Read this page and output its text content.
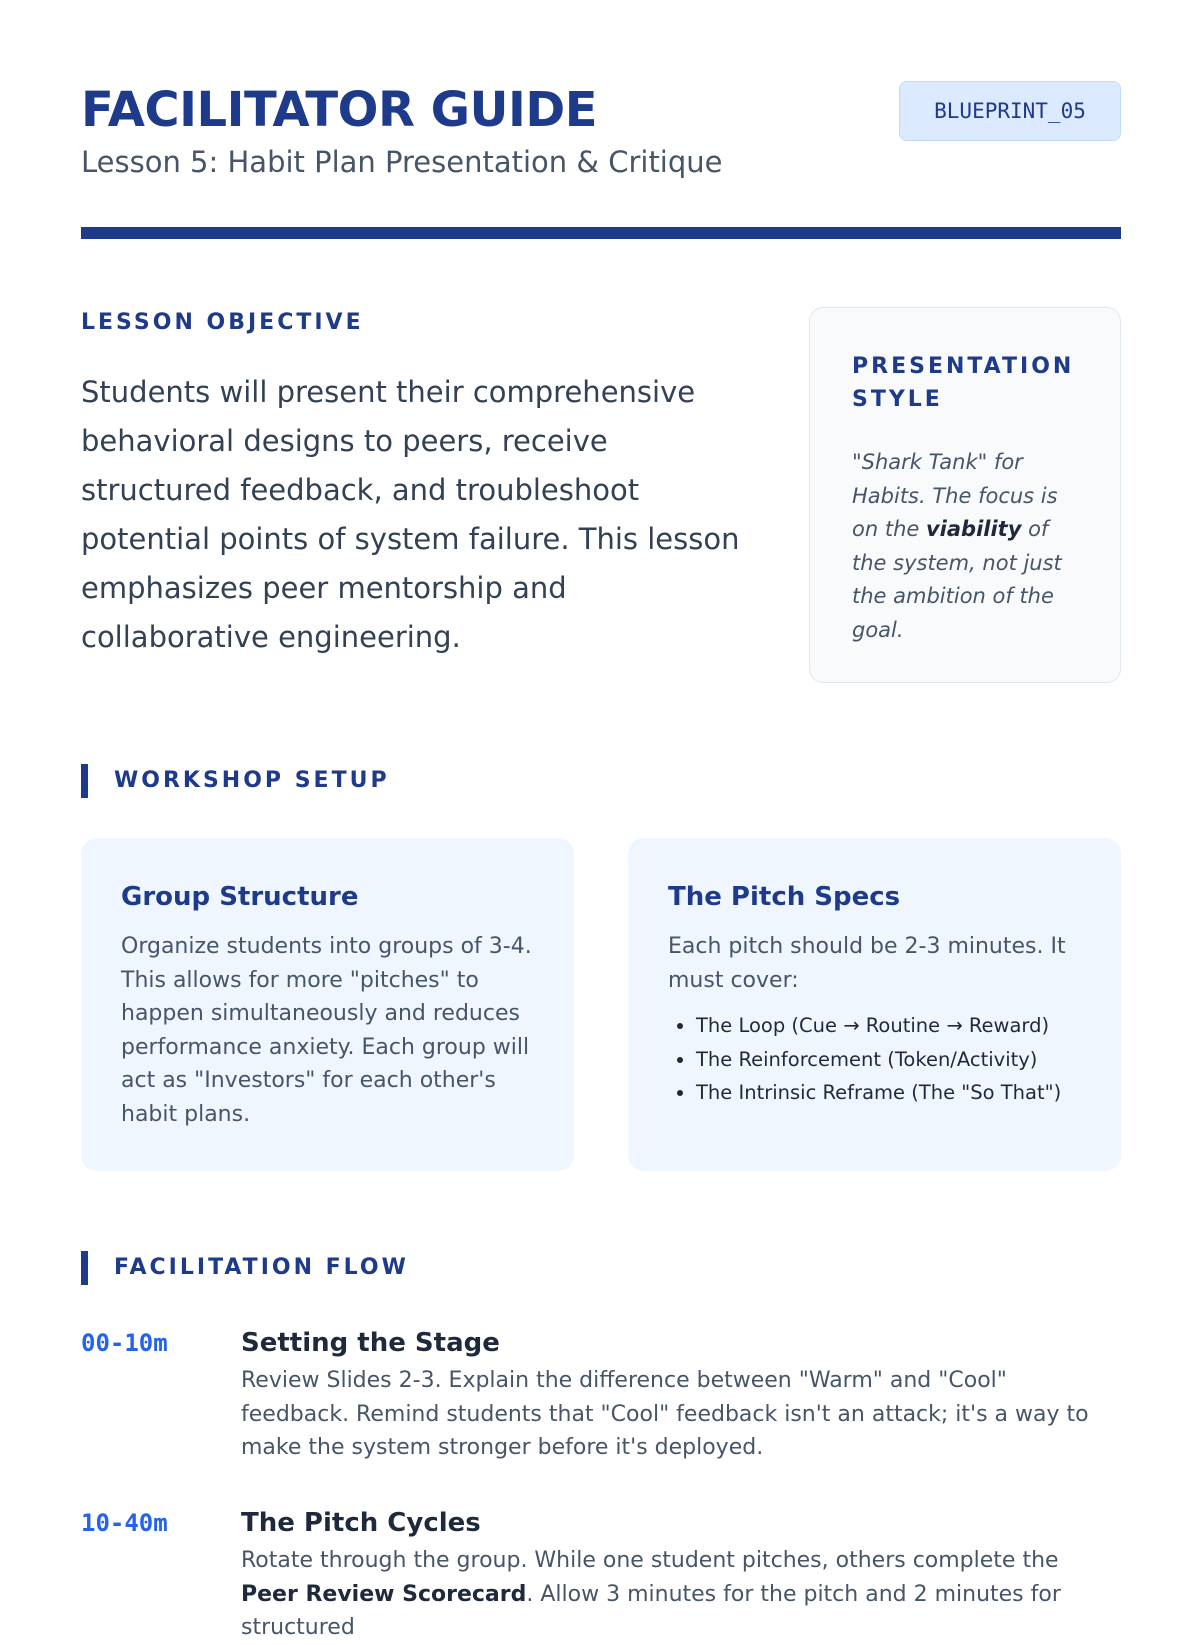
FACILITATOR GUIDE
Lesson 5: Habit Plan Presentation & Critique
BLUEPRINT_05
LESSON OBJECTIVE

Students will present their comprehensive behavioral designs to peers, receive structured feedback, and troubleshoot potential points of system failure. This lesson emphasizes peer mentorship and collaborative engineering.

PRESENTATION STYLE

"Shark Tank" for Habits. The focus is on the viability of the system, not just the ambition of the goal.

WORKSHOP SETUP
Group Structure

Organize students into groups of 3-4. This allows for more "pitches" to happen simultaneously and reduces performance anxiety. Each group will act as "Investors" for each other's habit plans.

The Pitch Specs

Each pitch should be 2-3 minutes. It must cover:

• The Loop (Cue → Routine → Reward)
• The Reinforcement (Token/Activity)
• The Intrinsic Reframe (The "So That")
FACILITATION FLOW
00-10m	Setting the Stage

Review Slides 2-3. Explain the difference between "Warm" and "Cool" feedback. Remind students that "Cool" feedback isn't an attack; it's a way to make the system stronger before it's deployed.

10-40m	The Pitch Cycles

Rotate through the group. While one student pitches, others complete the Peer Review Scorecard. Allow 3 minutes for the pitch and 2 minutes for structured
